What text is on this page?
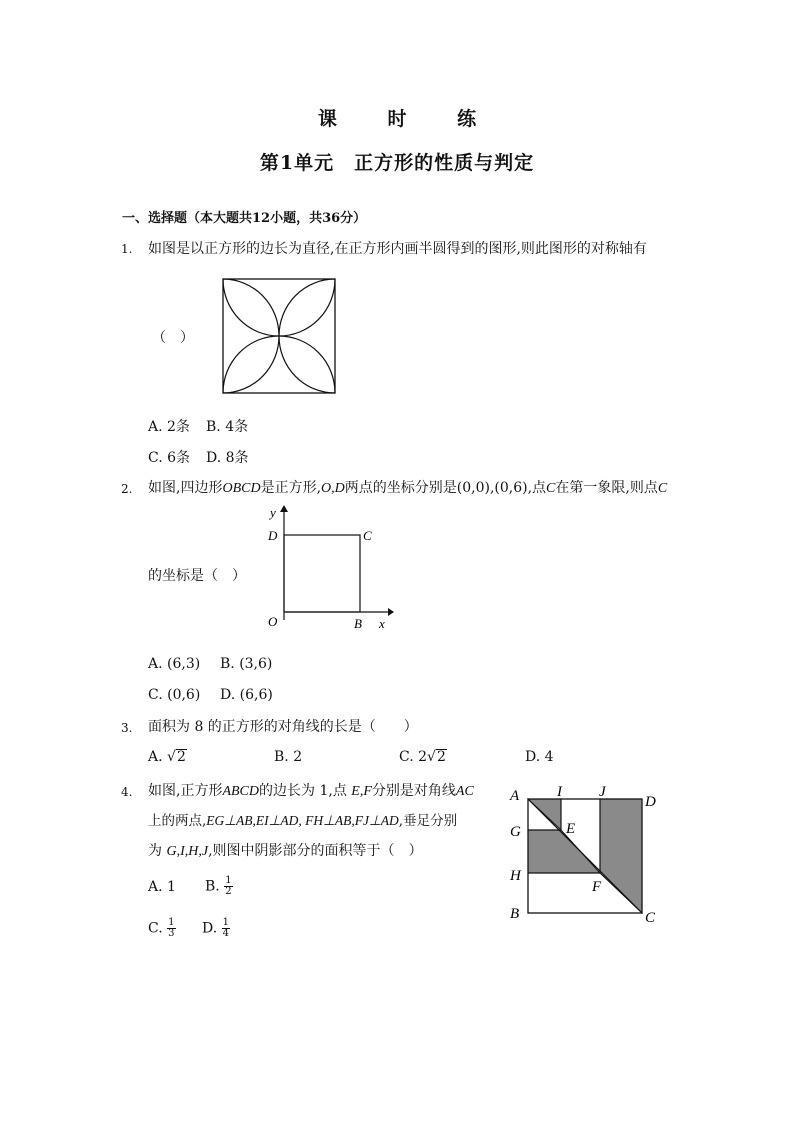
课 时 练
第1单元　正方形的性质与判定
一、选择题（本大题共12小题，共36分）
1. 如图是以正方形的边长为直径,在正方形内画半圆得到的图形,则此图形的对称轴有
（　）
A. 2条 B. 4条
C. 6条 D. 8条
2. 如图,四边形OBCD是正方形,O,D两点的坐标分别是(0,0),(0,6),点C在第一象限,则点C
的坐标是（　）
y
D	C
O	B x
A. (6,3) B. (3,6)
C. (0,6) D. (6,6)
3. 面积为 8 的正方形的对角线的长是（　　）
A. √2	B. 2	C. 2√2	D. 4
4. 如图,正方形ABCD的边长为 1,点 E,F分别是对角线AC
上的两点,EG⊥AB,EI⊥AD, FH⊥AB,FJ⊥AD,垂足分别
为 G,I,H,J,则图中阴影部分的面积等于（　）
A. 1 B. $\frac{1}{2}$
C. $\frac{1}{3} D$. $\frac{1}{4}$
A	I J
D
G	E
H
F
B	C
